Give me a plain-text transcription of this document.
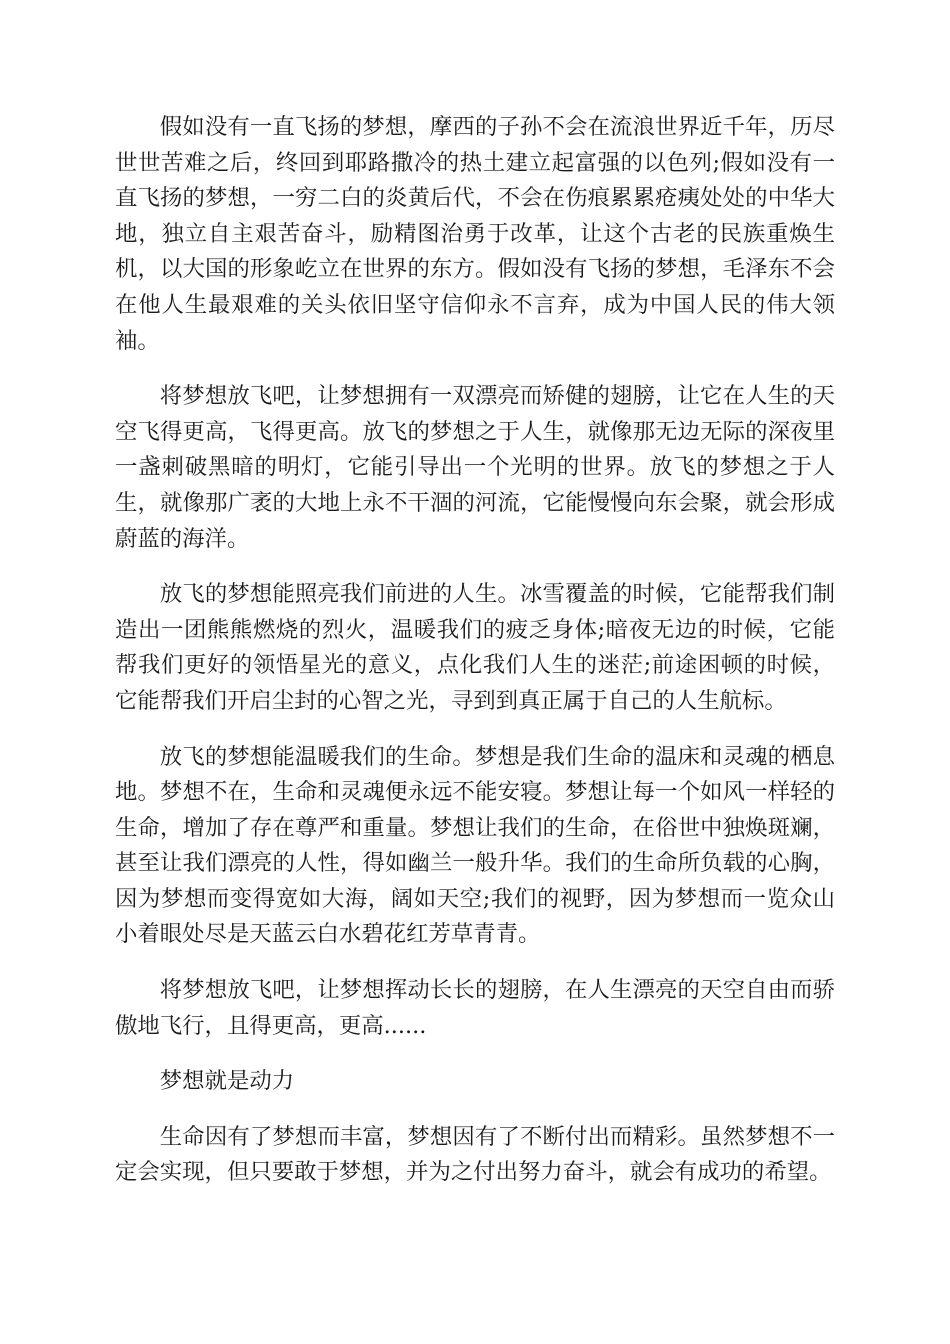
假如没有一直飞扬的梦想，摩西的子孙不会在流浪世界近千年，历尽世世苦难之后，终回到耶路撒冷的热土建立起富强的以色列;假如没有一直飞扬的梦想，一穷二白的炎黄后代，不会在伤痕累累疮痍处处的中华大地，独立自主艰苦奋斗，励精图治勇于改革，让这个古老的民族重焕生机，以大国的形象屹立在世界的东方。假如没有飞扬的梦想，毛泽东不会在他人生最艰难的关头依旧坚守信仰永不言弃，成为中国人民的伟大领袖。

将梦想放飞吧，让梦想拥有一双漂亮而矫健的翅膀，让它在人生的天空飞得更高，飞得更高。放飞的梦想之于人生，就像那无边无际的深夜里一盏刺破黑暗的明灯，它能引导出一个光明的世界。放飞的梦想之于人生，就像那广袤的大地上永不干涸的河流，它能慢慢向东会聚，就会形成蔚蓝的海洋。

放飞的梦想能照亮我们前进的人生。冰雪覆盖的时候，它能帮我们制造出一团熊熊燃烧的烈火，温暖我们的疲乏身体;暗夜无边的时候，它能帮我们更好的领悟星光的意义，点化我们人生的迷茫;前途困顿的时候，它能帮我们开启尘封的心智之光，寻到到真正属于自己的人生航标。

放飞的梦想能温暖我们的生命。梦想是我们生命的温床和灵魂的栖息地。梦想不在，生命和灵魂便永远不能安寝。梦想让每一个如风一样轻的生命，增加了存在尊严和重量。梦想让我们的生命，在俗世中独焕斑斓，甚至让我们漂亮的人性，得如幽兰一般升华。我们的生命所负载的心胸，因为梦想而变得宽如大海，阔如天空;我们的视野，因为梦想而一览众山小着眼处尽是天蓝云白水碧花红芳草青青。

将梦想放飞吧，让梦想挥动长长的翅膀，在人生漂亮的天空自由而骄傲地飞行，且得更高，更高......

梦想就是动力

生命因有了梦想而丰富，梦想因有了不断付出而精彩。虽然梦想不一定会实现，但只要敢于梦想，并为之付出努力奋斗，就会有成功的希望。
